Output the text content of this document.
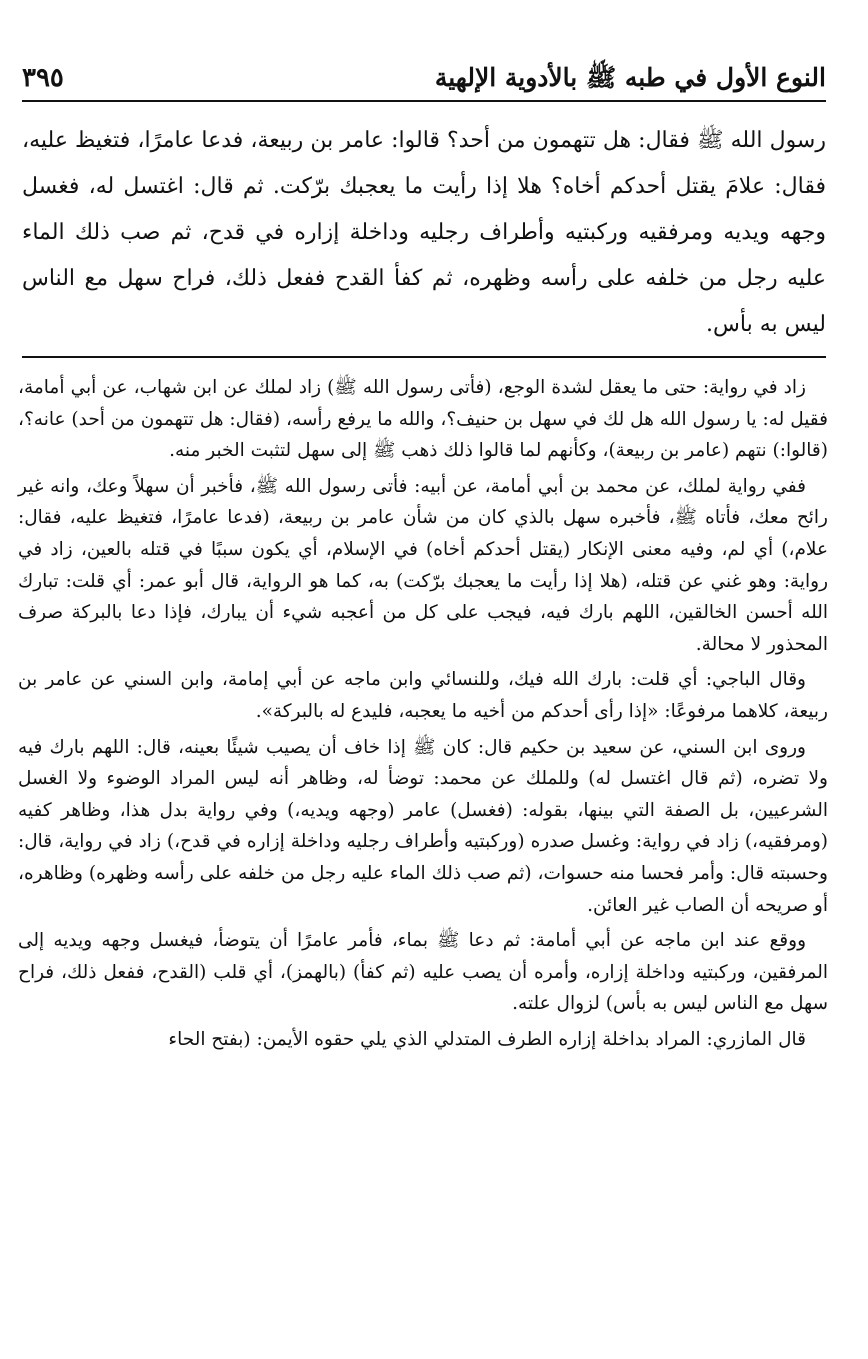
النوع الأول في طبه ﷺ بالأدوية الإلهية
٣٩٥

رسول الله ﷺ فقال: هل تتهمون من أحد؟ قالوا: عامر بن ربيعة، فدعا عامرًا، فتغيظ عليه، فقال: علامَ يقتل أحدكم أخاه؟ هلا إذا رأيت ما يعجبك برّكت. ثم قال: اغتسل له، فغسل وجهه ويديه ومرفقيه وركبتيه وأطراف رجليه وداخلة إزاره في قدح، ثم صب ذلك الماء عليه رجل من خلفه على رأسه وظهره، ثم كفأ القدح ففعل ذلك، فراح سهل مع الناس ليس به بأس.

زاد في رواية: حتى ما يعقل لشدة الوجع، (فأتى رسول الله ﷺ) زاد لملك عن ابن شهاب، عن أبي أمامة، فقيل له: يا رسول الله هل لك في سهل بن حنيف؟، والله ما يرفع رأسه، (فقال: هل تتهمون من أحد) عانه؟، (قالوا:) نتهم (عامر بن ربيعة)، وكأنهم لما قالوا ذلك ذهب ﷺ إلى سهل لتثبت الخبر منه.

ففي رواية لملك، عن محمد بن أبي أمامة، عن أبيه: فأتى رسول الله ﷺ، فأخبر أن سهلاً وعك، وانه غير رائح معك، فأتاه ﷺ، فأخبره سهل بالذي كان من شأن عامر بن ربيعة، (فدعا عامرًا، فتغيظ عليه، فقال: علام،) أي لم، وفيه معنى الإنكار (يقتل أحدكم أخاه) في الإسلام، أي يكون سببًا في قتله بالعين، زاد في رواية: وهو غني عن قتله، (هلا إذا رأيت ما يعجبك برّكت) به، كما هو الرواية، قال أبو عمر: أي قلت: تبارك الله أحسن الخالقين، اللهم بارك فيه، فيجب على كل من أعجبه شيء أن يبارك، فإذا دعا بالبركة صرف المحذور لا محالة.

وقال الباجي: أي قلت: بارك الله فيك، وللنسائي وابن ماجه عن أبي إمامة، وابن السني عن عامر بن ربيعة، كلاهما مرفوعًا: «إذا رأى أحدكم من أخيه ما يعجبه، فليدع له بالبركة».

وروى ابن السني، عن سعيد بن حكيم قال: كان ﷺ إذا خاف أن يصيب شيئًا بعينه، قال: اللهم بارك فيه ولا تضره، (ثم قال اغتسل له) وللملك عن محمد: توضأ له، وظاهر أنه ليس المراد الوضوء ولا الغسل الشرعيين، بل الصفة التي بينها، بقوله: (فغسل) عامر (وجهه ويديه،) وفي رواية بدل هذا، وظاهر كفيه (ومرفقيه،) زاد في رواية: وغسل صدره (وركبتيه وأطراف رجليه وداخلة إزاره في قدح،) زاد في رواية، قال: وحسبته قال: وأمر فحسا منه حسوات، (ثم صب ذلك الماء عليه رجل من خلفه على رأسه وظهره) وظاهره، أو صريحه أن الصاب غير العائن.

ووقع عند ابن ماجه عن أبي أمامة: ثم دعا ﷺ بماء، فأمر عامرًا أن يتوضأ، فيغسل وجهه ويديه إلى المرفقين، وركبتيه وداخلة إزاره، وأمره أن يصب عليه (ثم كفأ) (بالهمز)، أي قلب (القدح، ففعل ذلك، فراح سهل مع الناس ليس به بأس) لزوال علته.

قال المازري: المراد بداخلة إزاره الطرف المتدلي الذي يلي حقوه الأيمن: (بفتح الحاء
